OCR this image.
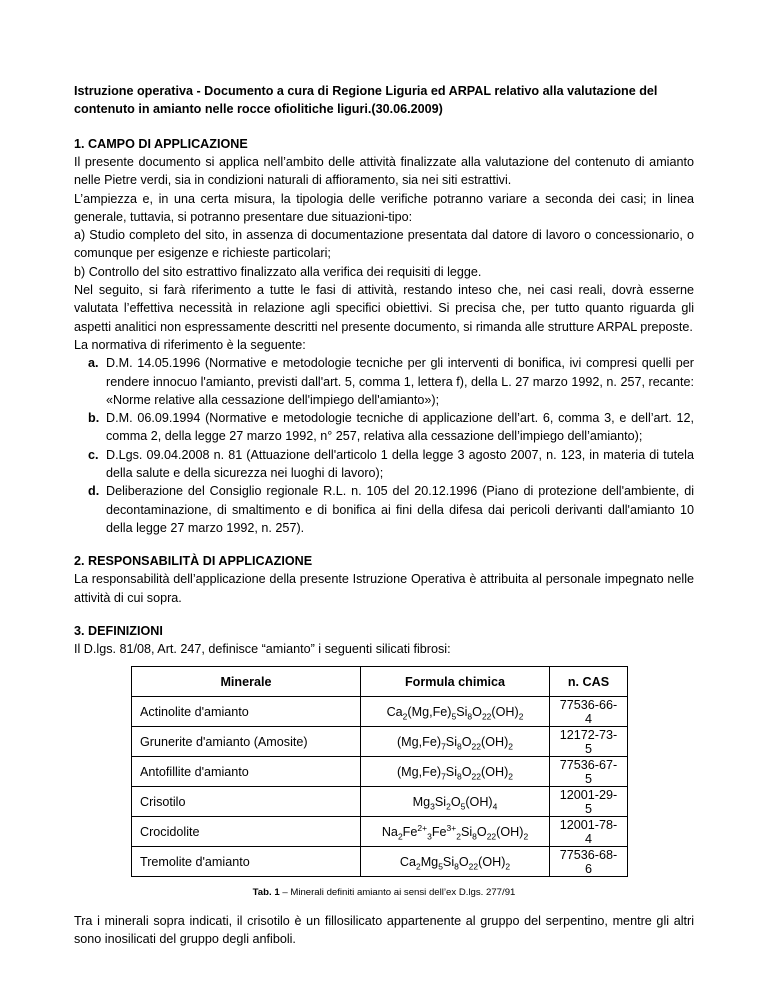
Istruzione operativa - Documento a cura di Regione Liguria ed ARPAL relativo alla valutazione del contenuto in amianto nelle rocce ofiolitiche liguri.(30.06.2009)
1. CAMPO DI APPLICAZIONE
Il presente documento si applica nell’ambito delle attività finalizzate alla valutazione del contenuto di amianto nelle Pietre verdi, sia in condizioni naturali di affioramento, sia nei siti estrattivi.
L’ampiezza e, in una certa misura, la tipologia delle verifiche potranno variare a seconda dei casi; in linea generale, tuttavia, si potranno presentare due situazioni-tipo:
a) Studio completo del sito, in assenza di documentazione presentata dal datore di lavoro o concessionario, o comunque per esigenze e richieste particolari;
b) Controllo del sito estrattivo finalizzato alla verifica dei requisiti di legge.
Nel seguito, si farà riferimento a tutte le fasi di attività, restando inteso che, nei casi reali, dovrà esserne valutata l’effettiva necessità in relazione agli specifici obiettivi. Si precisa che, per tutto quanto riguarda gli aspetti analitici non espressamente descritti nel presente documento, si rimanda alle strutture ARPAL preposte.
La normativa di riferimento è la seguente:
a. D.M. 14.05.1996 (Normative e metodologie tecniche per gli interventi di bonifica, ivi compresi quelli per rendere innocuo l'amianto, previsti dall'art. 5, comma 1, lettera f), della L. 27 marzo 1992, n. 257, recante: «Norme relative alla cessazione dell'impiego dell'amianto»);
b. D.M. 06.09.1994 (Normative e metodologie tecniche di applicazione dell’art. 6, comma 3, e dell’art. 12, comma 2, della legge 27 marzo 1992, n° 257, relativa alla cessazione dell’impiego dell’amianto);
c. D.Lgs. 09.04.2008 n. 81 (Attuazione dell'articolo 1 della legge 3 agosto 2007, n. 123, in materia di tutela della salute e della sicurezza nei luoghi di lavoro);
d. Deliberazione del Consiglio regionale R.L. n. 105 del 20.12.1996 (Piano di protezione dell'ambiente, di decontaminazione, di smaltimento e di bonifica ai fini della difesa dai pericoli derivanti dall'amianto 10 della legge 27 marzo 1992, n. 257).
2. RESPONSABILITÀ DI APPLICAZIONE
La responsabilità dell’applicazione della presente Istruzione Operativa è attribuita al personale impegnato nelle attività di cui sopra.
3. DEFINIZIONI
Il D.lgs. 81/08, Art. 247, definisce “amianto” i seguenti silicati fibrosi:
Minerale	Formula chimica	n. CAS
Actinolite d'amianto	$Ca_2(Mg,Fe)_5Si_8O_{22}(OH)_2$	77536-66-4
Grunerite d'amianto (Amosite)	$(Mg,Fe)_7Si_8O_{22}(OH)_2$	12172-73-5
Antofillite d'amianto	$(Mg,Fe)_7Si_8O_{22}(OH)_2$	77536-67-5
Crisotilo	$Mg_3Si_2O_5(OH)_4$	12001-29-5
Crocidolite	$Na_2Fe^{2+}_3Fe^{3+}_2Si_8O_{22}(OH)_2$	12001-78-4
Tremolite d'amianto	$Ca_2Mg_5Si_8O_{22}(OH)_2$	77536-68-6
Tab. 1 – Minerali definiti amianto ai sensi dell’ex D.lgs. 277/91
Tra i minerali sopra indicati, il crisotilo è un fillosilicato appartenente al gruppo del serpentino, mentre gli altri sono inosilicati del gruppo degli anfiboli.
